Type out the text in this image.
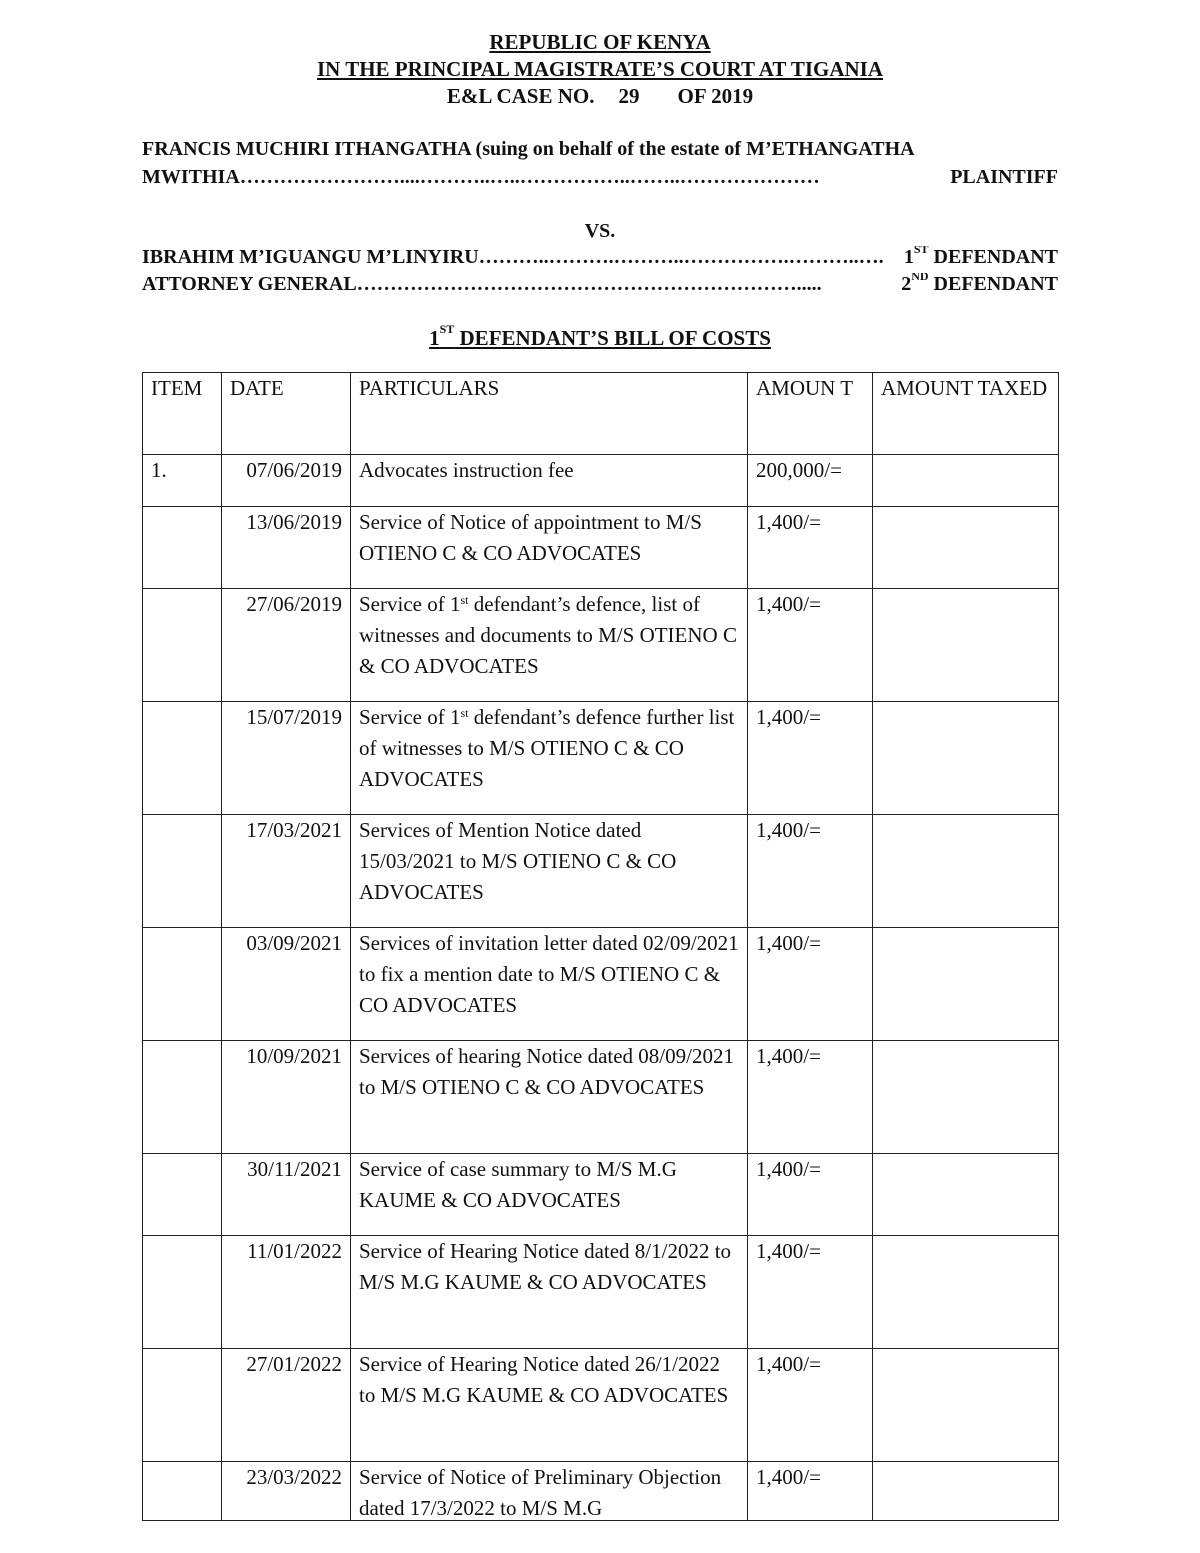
REPUBLIC OF KENYA
IN THE PRINCIPAL MAGISTRATE’S COURT AT TIGANIA
E&L CASE NO. 29 OF 2019
FRANCIS MUCHIRI ITHANGATHA (suing on behalf of the estate of M’ETHANGATHA
MWITHIA……………………....………..…..……………..……..…………………	PLAINTIFF
VS.
IBRAHIM M’IGUANGU M’LINYIRU………..……….………..…………….………..…. 1ST DEFENDANT
ATTORNEY GENERAL………………………………………………………….....	2ND DEFENDANT
1ST DEFENDANT’S BILL OF COSTS
ITEM	DATE	PARTICULARS	AMOUN T	AMOUNT TAXED
1.	07/06/2019	Advocates instruction fee	200,000/=	
	13/06/2019	Service of Notice of appointment to M/S OTIENO C & CO ADVOCATES	1,400/=	
	27/06/2019	Service of 1st defendant’s defence, list of witnesses and documents to M/S OTIENO C & CO ADVOCATES	1,400/=	
	15/07/2019	Service of 1st defendant’s defence further list of witnesses to M/S OTIENO C & CO ADVOCATES	1,400/=	
	17/03/2021	Services of Mention Notice dated 15/03/2021 to M/S OTIENO C & CO ADVOCATES	1,400/=	
	03/09/2021	Services of invitation letter dated 02/09/2021 to fix a mention date to M/S OTIENO C & CO ADVOCATES	1,400/=	
	10/09/2021	Services of hearing Notice dated 08/09/2021 to M/S OTIENO C & CO ADVOCATES	1,400/=	
	30/11/2021	Service of case summary to M/S M.G KAUME & CO ADVOCATES	1,400/=	
	11/01/2022	Service of Hearing Notice dated 8/1/2022 to M/S M.G KAUME & CO ADVOCATES	1,400/=	
	27/01/2022	Service of Hearing Notice dated 26/1/2022 to M/S M.G KAUME & CO ADVOCATES	1,400/=	
	23/03/2022	Service of Notice of Preliminary Objection dated 17/3/2022 to M/S M.G	1,400/=	
